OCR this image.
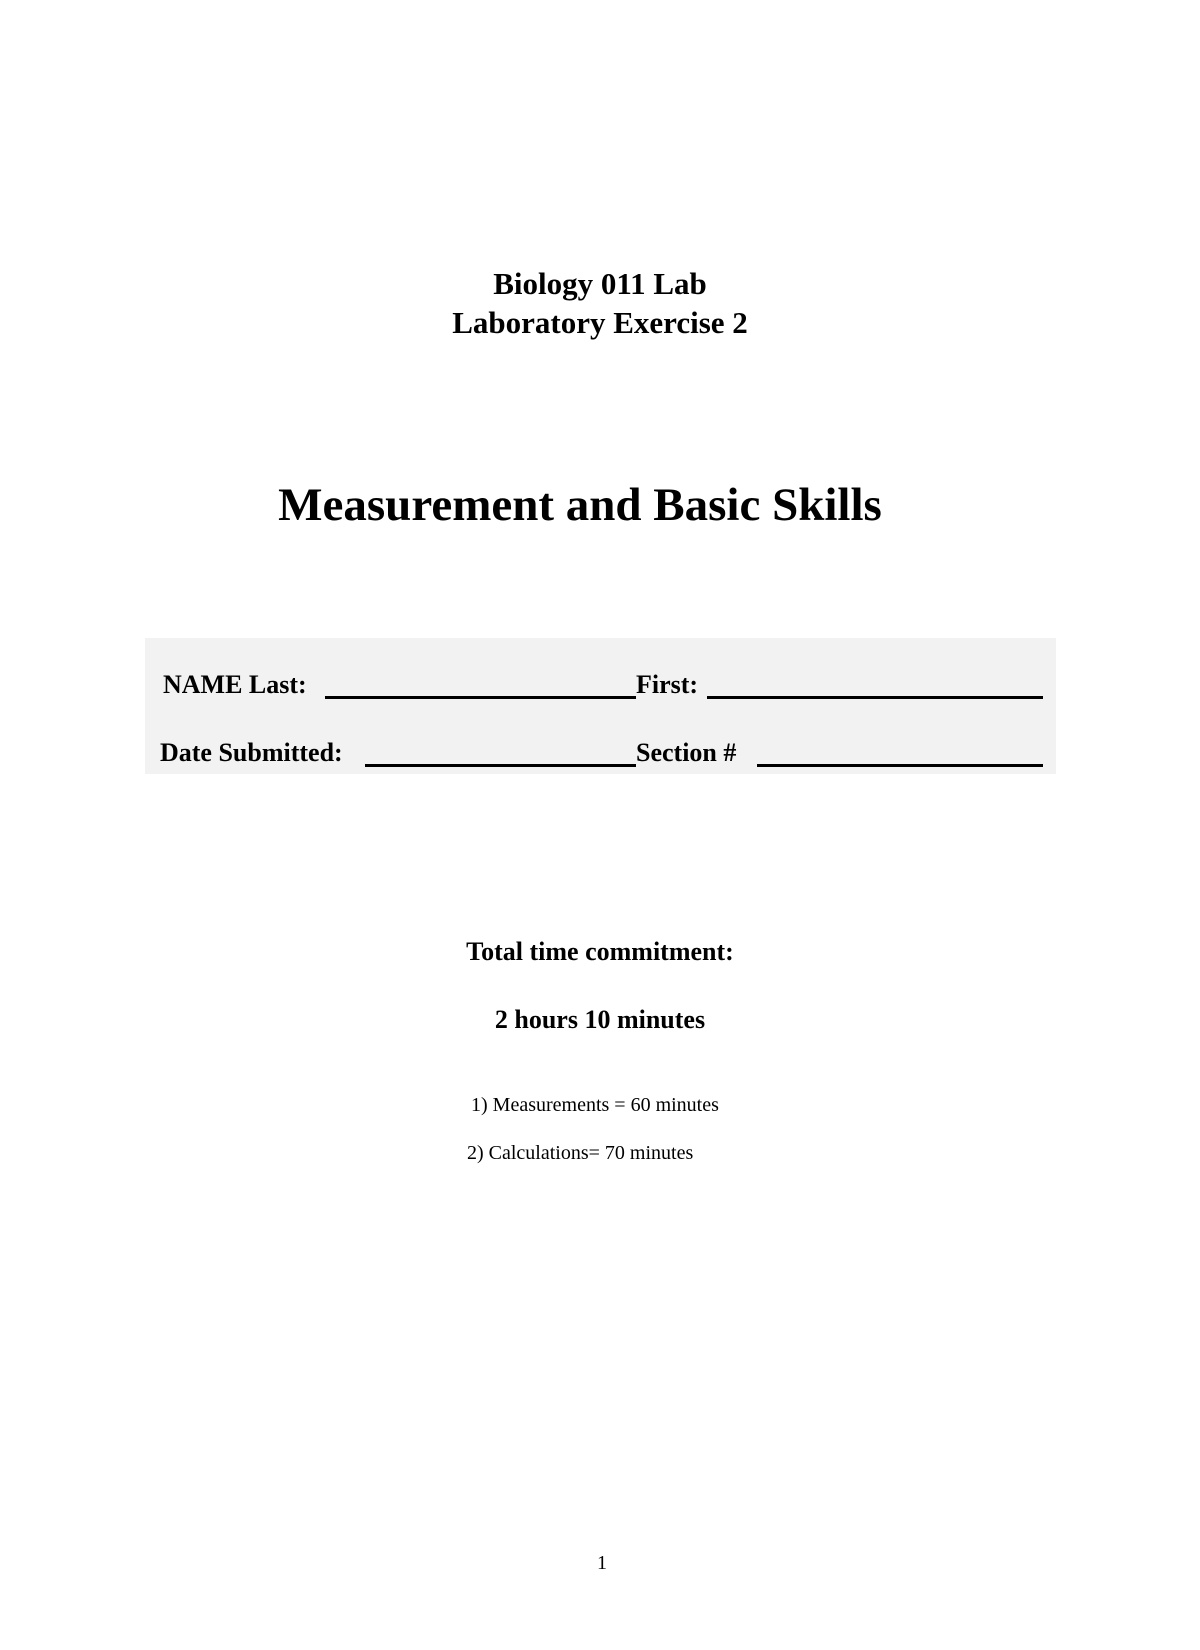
Biology 011 Lab
Laboratory Exercise 2
Measurement and Basic Skills
NAME Last:	First:
Date Submitted:	Section #
Total time commitment:
2 hours 10 minutes
1) Measurements = 60 minutes
2) Calculations= 70 minutes
1
